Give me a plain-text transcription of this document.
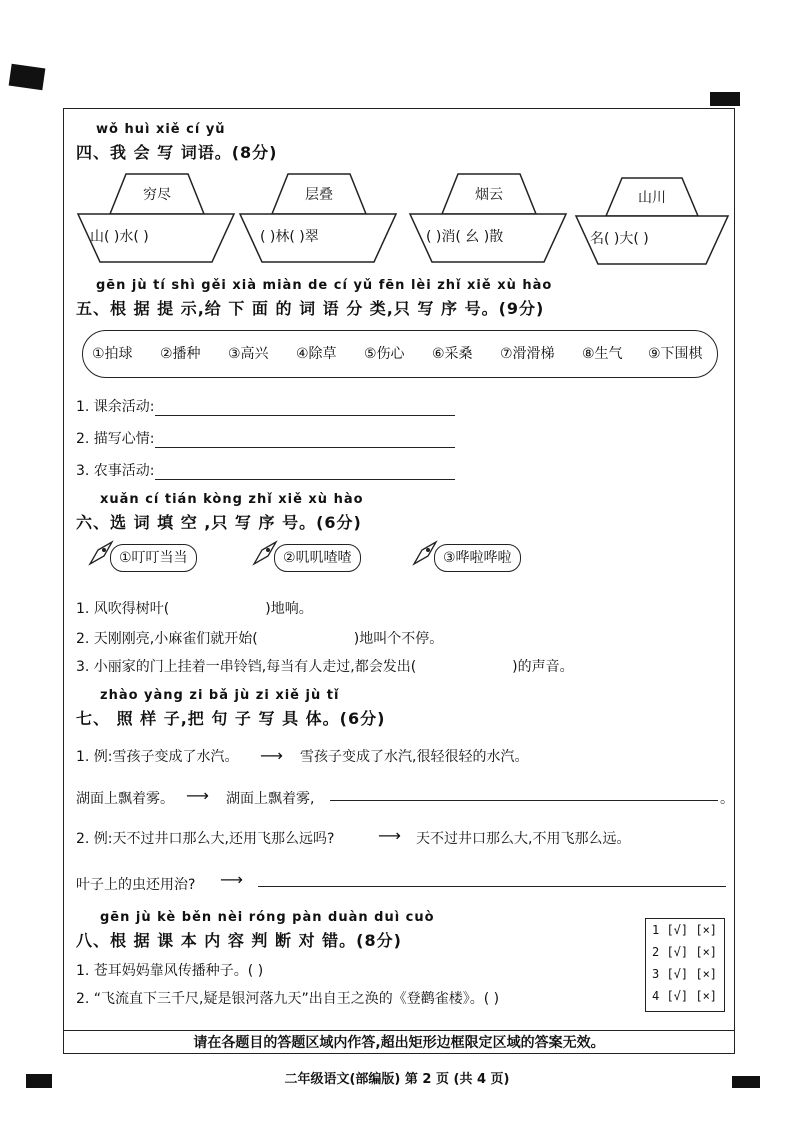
wǒ huì xiě cí yǔ
四、我 会 写 词语。(8分)
穷尽
山( )水( )
层叠
( )林( )翠
烟云
( )消( 幺 )散
山川
名( )大( )
gēn jù tí shì gěi xià miàn de cí yǔ fēn lèi zhǐ xiě xù hào
五、根 据 提 示,给 下 面 的 词 语 分 类,只 写 序 号。(9分)
①拍球 ②播种 ③高兴 ④除草 ⑤伤心 ⑥采桑 ⑦滑滑梯 ⑧生气 ⑨下围棋
1. 课余活动:
2. 描写心情:
3. 农事活动:
xuǎn cí tián kòng zhǐ xiě xù hào
六、选 词 填 空 ,只 写 序 号。(6分)
①叮叮当当	②叽叽喳喳	③哗啦哗啦
1. 风吹得树叶(	)地响。
2. 天刚刚亮,小麻雀们就开始(	)地叫个不停。
3. 小丽家的门上挂着一串铃铛,每当有人走过,都会发出(	)的声音。
zhào yàng zi bǎ jù zi xiě jù tǐ
七、 照 样 子,把 句 子 写 具 体。(6分)
1. 例:雪孩子变成了水汽。 ⟶ 雪孩子变成了水汽,很轻很轻的水汽。
湖面上飘着雾。 ⟶ 湖面上飘着雾,	。
2. 例:天不过井口那么大,还用飞那么远吗?	⟶ 天不过井口那么大,不用飞那么远。
叶子上的虫还用治? ⟶
gēn jù kè běn nèi róng pàn duàn duì cuò
八、根 据 课 本 内 容 判 断 对 错。(8分)
1. 苍耳妈妈靠风传播种子。( )
2. “飞流直下三千尺,疑是银河落九天”出自王之涣的《登鹳雀楼》。( )
1 [√] [×]
2 [√] [×]
3 [√] [×]
4 [√] [×]
请在各题目的答题区域内作答,超出矩形边框限定区域的答案无效。
二年级语文(部编版) 第 2 页 (共 4 页)
